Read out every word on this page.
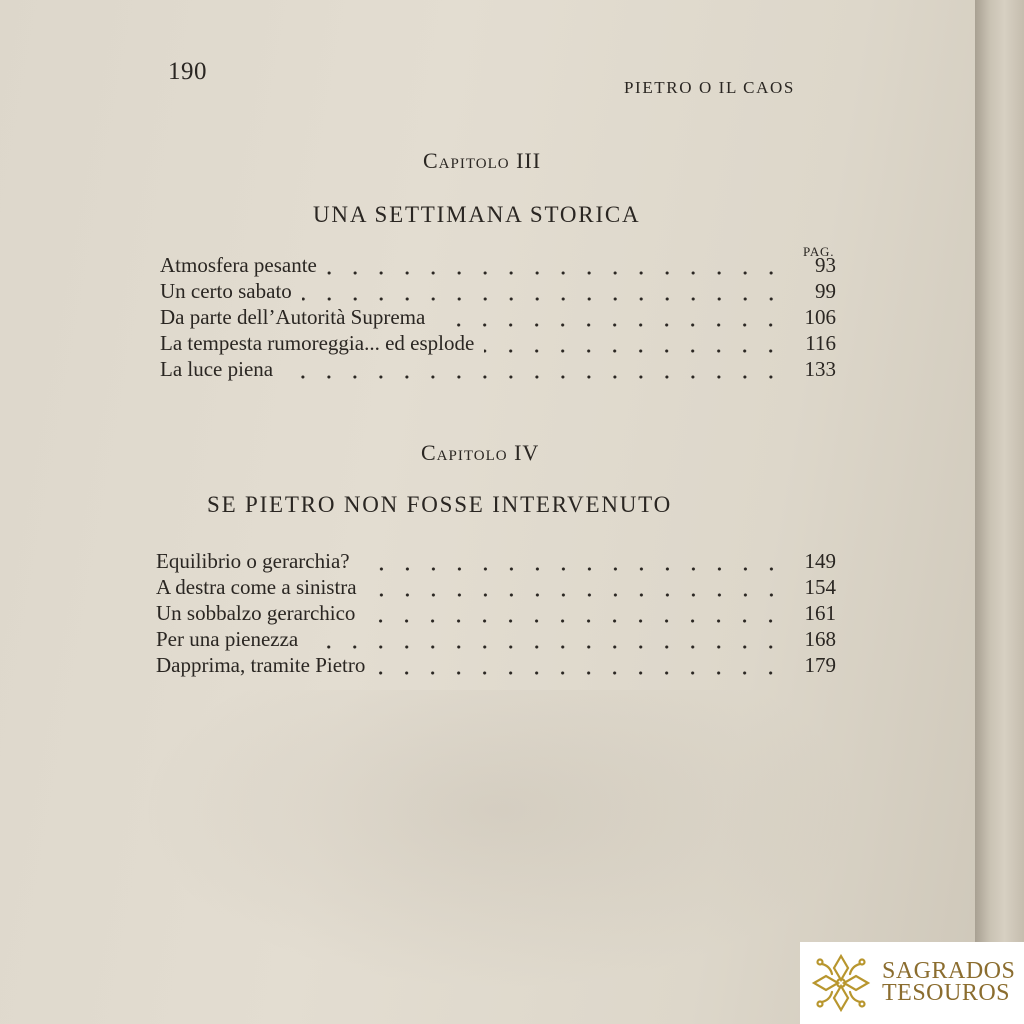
190
PIETRO O IL CAOS
Capitolo III
UNA SETTIMANA STORICA
PAG.
Atmosfera pesante	93
Un certo sabato	99
Da parte dell’Autorità Suprema	106
La tempesta rumoreggia... ed esplode	116
La luce piena	133
Capitolo IV
SE PIETRO NON FOSSE INTERVENUTO
Equilibrio o gerarchia?	149
A destra come a sinistra	154
Un sobbalzo gerarchico	161
Per una pienezza	168
Dapprima, tramite Pietro	179
SAGRADOS
TESOUROS
